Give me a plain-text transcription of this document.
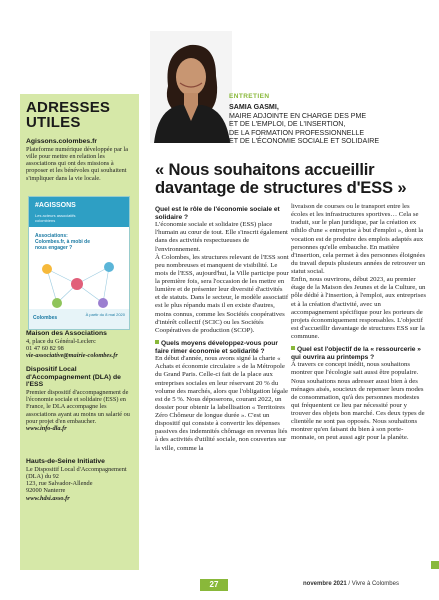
ADRESSES
UTILES
Agissons.colombes.fr
Plateforme numérique développée par la ville pour mettre en relation les associations qui ont des missions à proposer et les bénévoles qui souhaitent s'impliquer dans la vie locale.
Maison des Associations
4, place du Général-Leclerc
01 47 60 82 98
vie-associative@mairie-colombes.fr
Dispositif Local d'Accompagnement (DLA) de l'ESS
Premier dispositif d'accompagnement de l'économie sociale et solidaire (ESS) en France, le DLA accompagne les associations ayant au moins un salarié ou pour projet d'en embaucher.
www.info-dla.fr
Hauts-de-Seine Initiative
Le Dispositif Local d'Accompagnement (DLA) du 92
123, rue Salvador-Allende
92000 Nanterre
www.hdsi.asso.fr
#AGISSONS
Les acteurs associatifs colombiens
Associations: Colombes.fr, à mobi de nous engager ?
Colombes
À partir du 8 mai 2020
ENTRETIEN
SAMIA GASMI,
MAIRE ADJOINTE EN CHARGE DES PME
ET DE L'EMPLOI, DE L'INSERTION,
DE LA FORMATION PROFESSIONNELLE
ET DE L'ÉCONOMIE SOCIALE ET SOLIDAIRE
« Nous souhaitons accueillir
davantage de structures d'ESS »
Quel est le rôle de l'économie sociale et solidaire ?
L'économie sociale et solidaire (ESS) place l'humain au cœur de tout. Elle s'inscrit également dans des activités respectueuses de l'environnement.
À Colombes, les structures relevant de l'ESS sont peu nombreuses et manquent de visibilité. Le mois de l'ESS, aujourd'hui, la Ville participe pour la première fois, sera l'occasion de les mettre en lumière et de présenter leur diversité d'activités et de statuts. Dans le secteur, le modèle associatif est le plus répandu mais il en existe d'autres, moins connus, comme les Sociétés coopératives d'intérêt collectif (SCIC) ou les Sociétés Coopératives de production (SCOP).
Quels moyens développez-vous pour faire rimer économie et solidarité ?
En début d'année, nous avons signé la charte « Achats et économie circulaire » de la Métropole du Grand Paris. Celle-ci fait de la place aux entreprises sociales en leur réservant 20 % du volume des marchés, alors que l'obligation légale est de 5 %. Nous déposerons, courant 2022, un dossier pour obtenir la labellisation « Territoires Zéro Chômeur de longue durée ». C'est un dispositif qui consiste à convertir les dépenses passives des indemnités chômage en revenus liés à des activités d'utilité sociale, non couvertes sur la ville, comme la
livraison de courses ou le transport entre les écoles et les infrastructures sportives… Cela se traduit, sur le plan juridique, par la création ex nihilo d'une « entreprise à but d'emploi », dont la vocation est de produire des emplois adaptés aux personnes qu'elle embauche. En matière d'insertion, cela permet à des personnes éloignées du travail depuis plusieurs années de retrouver un statut social.
Enfin, nous ouvrirons, début 2023, au premier étage de la Maison des Jeunes et de la Culture, un pôle dédié à l'insertion, à l'emploi, aux entreprises et à la création d'activité, avec un accompagnement spécifique pour les porteurs de projets économiquement responsables. L'objectif est d'accueillir davantage de structures ESS sur la commune.
Quel est l'objectif de la « ressourcerie » qui ouvrira au printemps ?
À travers ce concept inédit, nous souhaitons montrer que l'écologie sait aussi être populaire. Nous souhaitons nous adresser aussi bien à des ménages aisés, soucieux de repenser leurs modes de consommation, qu'à des personnes modestes qui fréquentent ce lieu par nécessité pour y trouver des objets bon marché. Ces deux types de clientèle ne sont pas opposés. Nous souhaitons montrer qu'en faisant du bien à son porte-monnaie, on peut aussi agir pour la planète.
27	novembre 2021 / Vivre à Colombes
